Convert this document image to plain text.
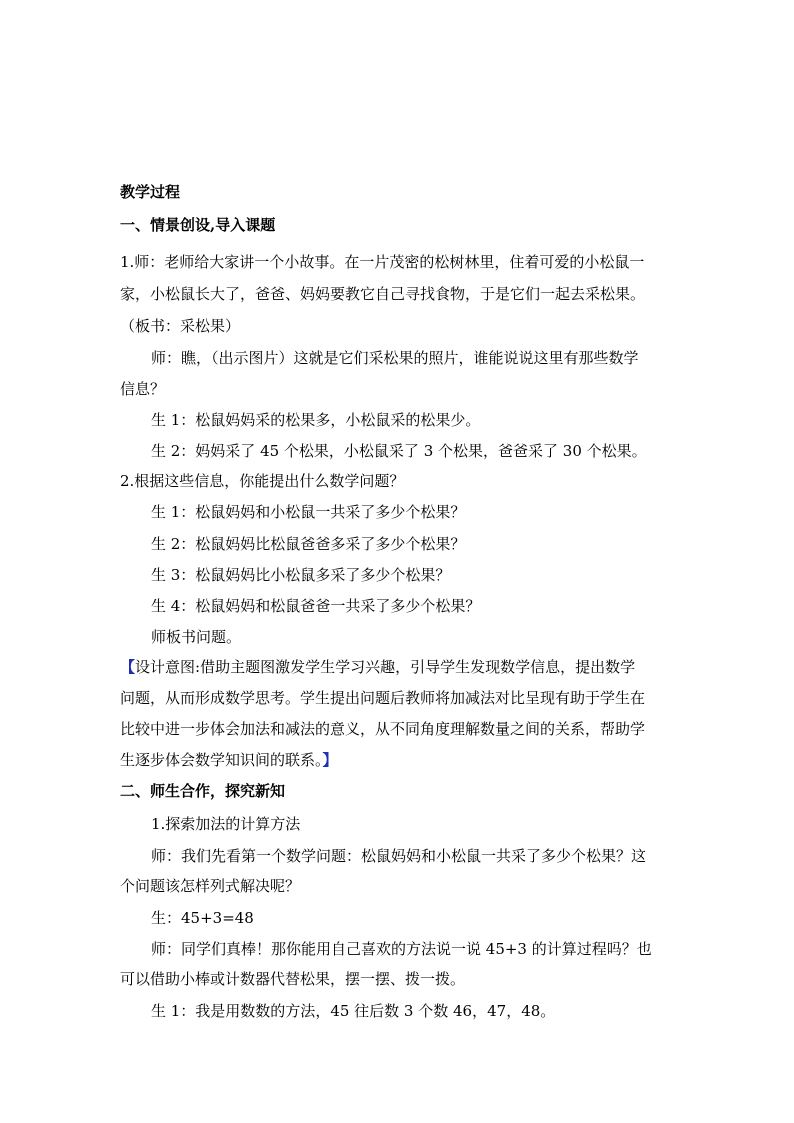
教学过程

一、情景创设,导入课题

1.师：老师给大家讲一个小故事。在一片茂密的松树林里，住着可爱的小松鼠一

家，小松鼠长大了，爸爸、妈妈要教它自己寻找食物，于是它们一起去采松果。

（板书：采松果）

师：瞧，（出示图片）这就是它们采松果的照片，谁能说说这里有那些数学

信息？

生 1：松鼠妈妈采的松果多，小松鼠采的松果少。

生 2：妈妈采了 45 个松果，小松鼠采了 3 个松果，爸爸采了 30 个松果。

2.根据这些信息，你能提出什么数学问题？

生 1：松鼠妈妈和小松鼠一共采了多少个松果？

生 2：松鼠妈妈比松鼠爸爸多采了多少个松果？

生 3：松鼠妈妈比小松鼠多采了多少个松果？

生 4：松鼠妈妈和松鼠爸爸一共采了多少个松果？

师板书问题。

【设计意图:借助主题图激发学生学习兴趣，引导学生发现数学信息，提出数学

问题，从而形成数学思考。学生提出问题后教师将加减法对比呈现有助于学生在

比较中进一步体会加法和减法的意义，从不同角度理解数量之间的关系，帮助学

生逐步体会数学知识间的联系。】

二、师生合作，探究新知

1.探索加法的计算方法

师：我们先看第一个数学问题：松鼠妈妈和小松鼠一共采了多少个松果？这

个问题该怎样列式解决呢？

生：45+3=48

师：同学们真棒！那你能用自己喜欢的方法说一说 45+3 的计算过程吗？也

可以借助小棒或计数器代替松果，摆一摆、拨一拨。

生 1：我是用数数的方法，45 往后数 3 个数 46，47，48。
